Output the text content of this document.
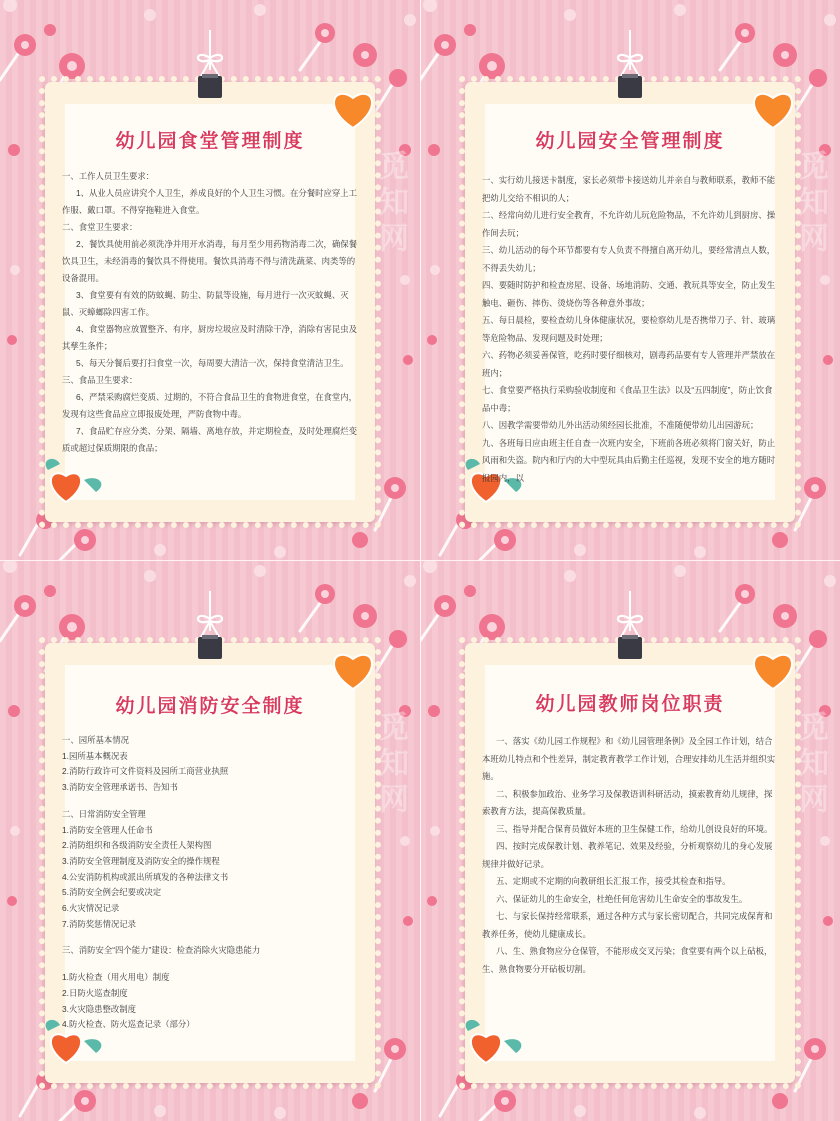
幼儿园食堂管理制度

一、工作人员卫生要求：

1、从业人员应讲究个人卫生，养成良好的个人卫生习惯。在分餐时应穿上工作服、戴口罩。不得穿拖鞋进入食堂。

二、食堂卫生要求：

2、餐饮具使用前必须洗净并用开水消毒，每月至少用药物消毒二次，确保餐饮具卫生，未经消毒的餐饮具不得使用。餐饮具消毒不得与清洗蔬菜、肉类等的设备混用。

3、食堂要有有效的防蚊蝇、防尘、防鼠等设施，每月进行一次灭蚊蝇、灭鼠、灭蟑螂除四害工作。

4、食堂器物应放置整齐、有序，厨房垃圾应及时清除干净，消除有害昆虫及其孳生条件；

5、每天分餐后要打扫食堂一次，每周要大清洁一次，保持食堂清洁卫生。

三、食品卫生要求：

6、严禁采购腐烂变质、过期的，不符合食品卫生的食物进食堂，在食堂内，发现有这些食品应立即报废处理，严防食物中毒。

7、食品贮存应分类、分架、隔墙、离地存放，并定期检查，及时处理腐烂变质或超过保质期限的食品；

觅知网
幼儿园安全管理制度

一、实行幼儿接送卡制度，家长必须带卡接送幼儿并亲自与教师联系，教师不能把幼儿交给不相识的人；

二、经常向幼儿进行安全教育，不允许幼儿玩危险物品，不允许幼儿到厨房、操作间去玩；

三、幼儿活动的每个环节都要有专人负责不得擅自离开幼儿，要经常清点人数，不得丢失幼儿；

四、要随时防护和检查房屋、设备、场地消防、交通、教玩具等安全，防止发生触电、砸伤、摔伤、烫烧伤等各种意外事故；

五、每日晨检，要检查幼儿身体健康状况，要检察幼儿是否携带刀子、针、玻璃等危险物品、发现问题及时处理；

六、药物必须妥善保管，吃药时要仔细核对，剧毒药品要有专人管理并严禁放在班内；

七、食堂要严格执行采购验收制度和《食品卫生法》以及“五四制度”，防止饮食品中毒；

八、因教学需要带幼儿外出活动须经园长批准，不准随便带幼儿出园游玩；

九、各班每日应由班主任自查一次班内安全，下班前各班必须将门窗关好，防止风雨和失盗。院内和厅内的大中型玩具由后勤主任巡视，发现不安全的地方随时报园内，以

觅知网
幼儿园消防安全制度

一、园所基本情况

1.园所基本概况表

2.消防行政许可文件资料及园所工商营业执照

3.消防安全管理承诺书、告知书

二、日常消防安全管理

1.消防安全管理人任命书

2.消防组织和各级消防安全责任人架构图

3.消防安全管理制度及消防安全的操作规程

4.公安消防机构或派出所填发的各种法律文书

5.消防安全例会纪要或决定

6.火灾情况记录

7.消防奖惩情况记录

三、消防安全“四个能力”建设：检查消除火灾隐患能力

1.防火检查（用火用电）制度

2.日防火巡查制度

3.火灾隐患整改制度

4.防火检查、防火巡查记录（部分）

觅知网
幼儿园教师岗位职责

一、落实《幼儿园工作规程》和《幼儿园管理条例》及全园工作计划，结合本班幼儿特点和个性差异，制定教育教学工作计划，合理安排幼儿生活并组织实施。

二、积极参加政治、业务学习及保教语训科研活动，摸索教育幼儿规律，探索教育方法，提高保教质量。

三、指导并配合保育员做好本班的卫生保健工作，给幼儿创设良好的环境。

四、按时完成保教计划、教养笔记、效果及经验，分析观察幼儿的身心发展规律并做好记录。

五、定期或不定期的向教研组长汇报工作，接受其检查和指导。

六、保证幼儿的生命安全，杜绝任何危害幼儿生命安全的事故发生。

七、与家长保持经常联系，通过各种方式与家长密切配合，共同完成保育和教养任务，使幼儿健康成长。

八、生、熟食物应分仓保管，不能形成交叉污染；食堂要有两个以上砧板，生、熟食物要分开砧板切割。

觅知网
